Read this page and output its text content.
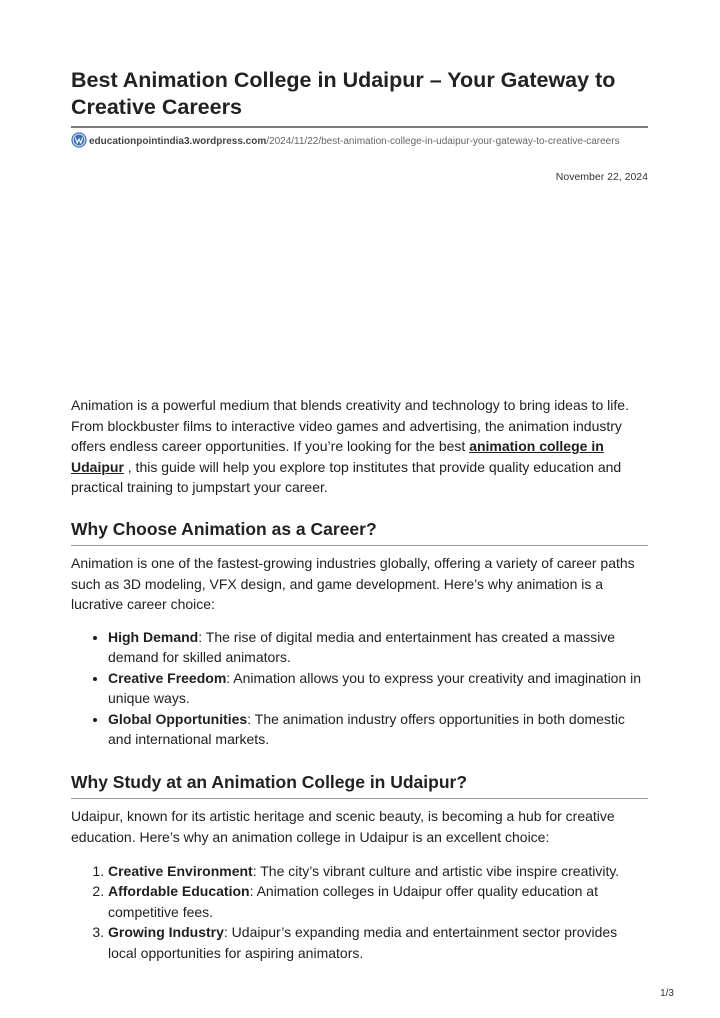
Best Animation College in Udaipur – Your Gateway to Creative Careers
educationpointindia3.wordpress.com/2024/11/22/best-animation-college-in-udaipur-your-gateway-to-creative-careers
November 22, 2024

Animation is a powerful medium that blends creativity and technology to bring ideas to life. From blockbuster films to interactive video games and advertising, the animation industry offers endless career opportunities. If you’re looking for the best animation college in Udaipur , this guide will help you explore top institutes that provide quality education and practical training to jumpstart your career.

Why Choose Animation as a Career?

Animation is one of the fastest-growing industries globally, offering a variety of career paths such as 3D modeling, VFX design, and game development. Here’s why animation is a lucrative career choice:

• High Demand: The rise of digital media and entertainment has created a massive demand for skilled animators.
• Creative Freedom: Animation allows you to express your creativity and imagination in unique ways.
• Global Opportunities: The animation industry offers opportunities in both domestic and international markets.
Why Study at an Animation College in Udaipur?

Udaipur, known for its artistic heritage and scenic beauty, is becoming a hub for creative education. Here’s why an animation college in Udaipur is an excellent choice:

1. Creative Environment: The city’s vibrant culture and artistic vibe inspire creativity.
2. Affordable Education: Animation colleges in Udaipur offer quality education at competitive fees.
3. Growing Industry: Udaipur’s expanding media and entertainment sector provides local opportunities for aspiring animators.
1/3
